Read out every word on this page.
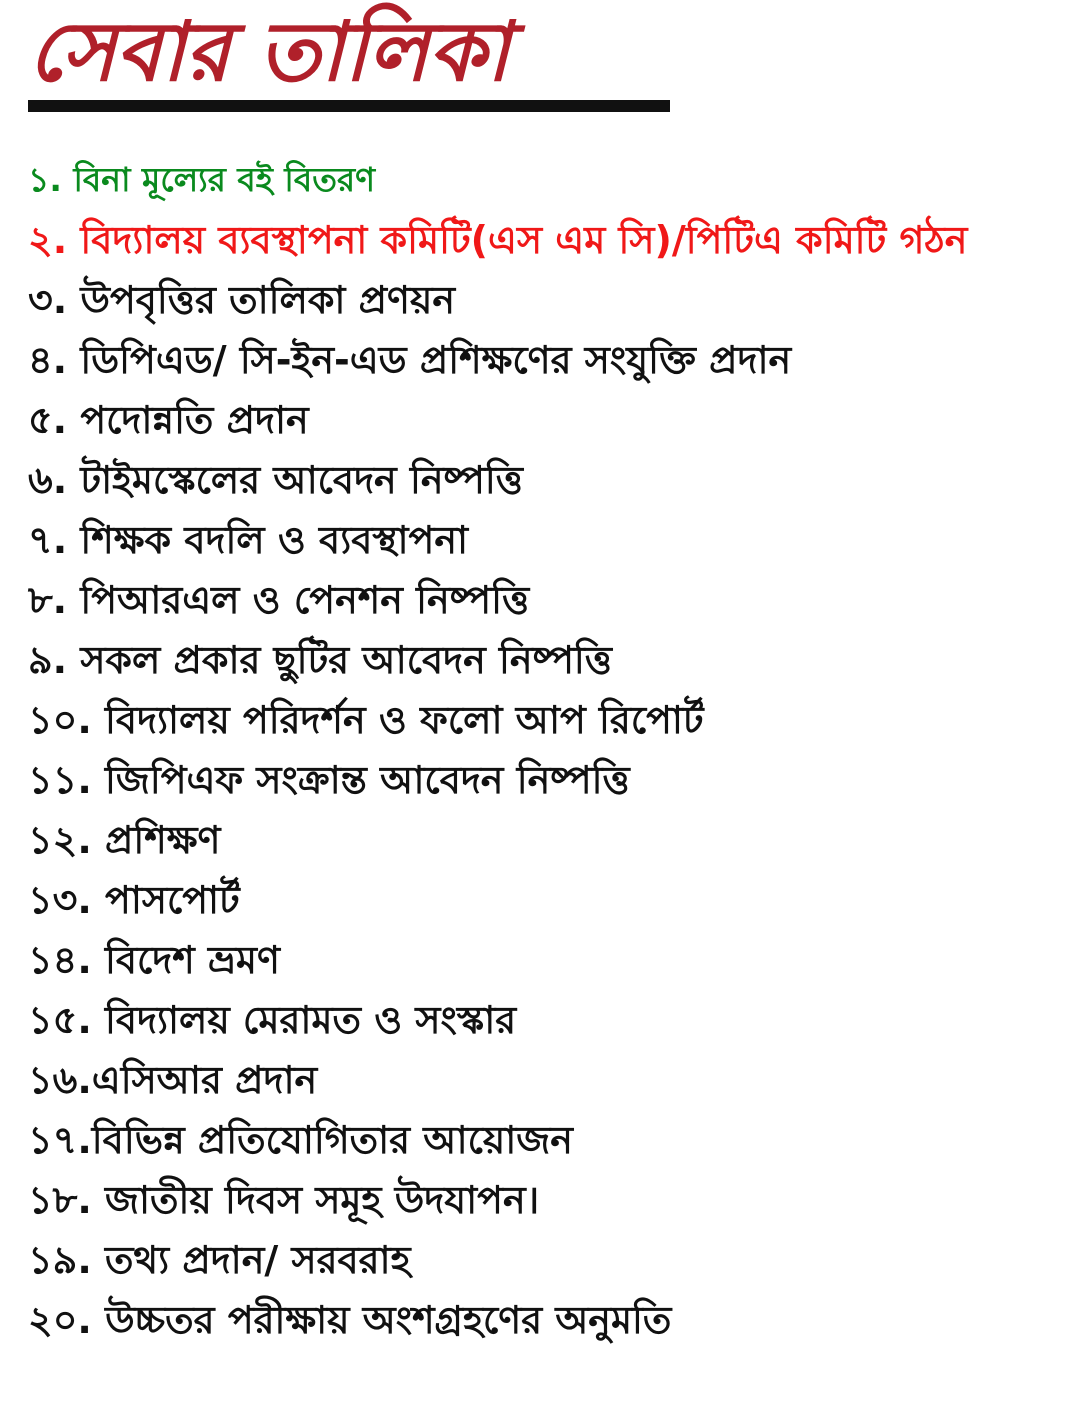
সেবার তালিকা
১. বিনা মূল্যের বই বিতরণ
২. বিদ্যালয় ব্যবস্থাপনা কমিটি(এস এম সি)/পিটিএ কমিটি গঠন
৩. উপবৃত্তির তালিকা প্রণয়ন
৪. ডিপিএড/ সি-ইন-এড প্রশিক্ষণের সংযুক্তি প্রদান
৫. পদোন্নতি প্রদান
৬. টাইমস্কেলের আবেদন নিষ্পত্তি
৭. শিক্ষক বদলি ও ব্যবস্থাপনা
৮. পিআরএল ও পেনশন নিষ্পত্তি
৯. সকল প্রকার ছুটির আবেদন নিষ্পত্তি
১০. বিদ্যালয় পরিদর্শন ও ফলো আপ রিপোর্ট
১১. জিপিএফ সংক্রান্ত আবেদন নিষ্পত্তি
১২. প্রশিক্ষণ
১৩. পাসপোর্ট
১৪. বিদেশ ভ্রমণ
১৫. বিদ্যালয় মেরামত ও সংস্কার
১৬.এসিআর প্রদান
১৭.বিভিন্ন প্রতিযোগিতার আয়োজন
১৮. জাতীয় দিবস সমূহ উদযাপন।
১৯. তথ্য প্রদান/ সরবরাহ
২০. উচ্চতর পরীক্ষায় অংশগ্রহণের অনুমতি
